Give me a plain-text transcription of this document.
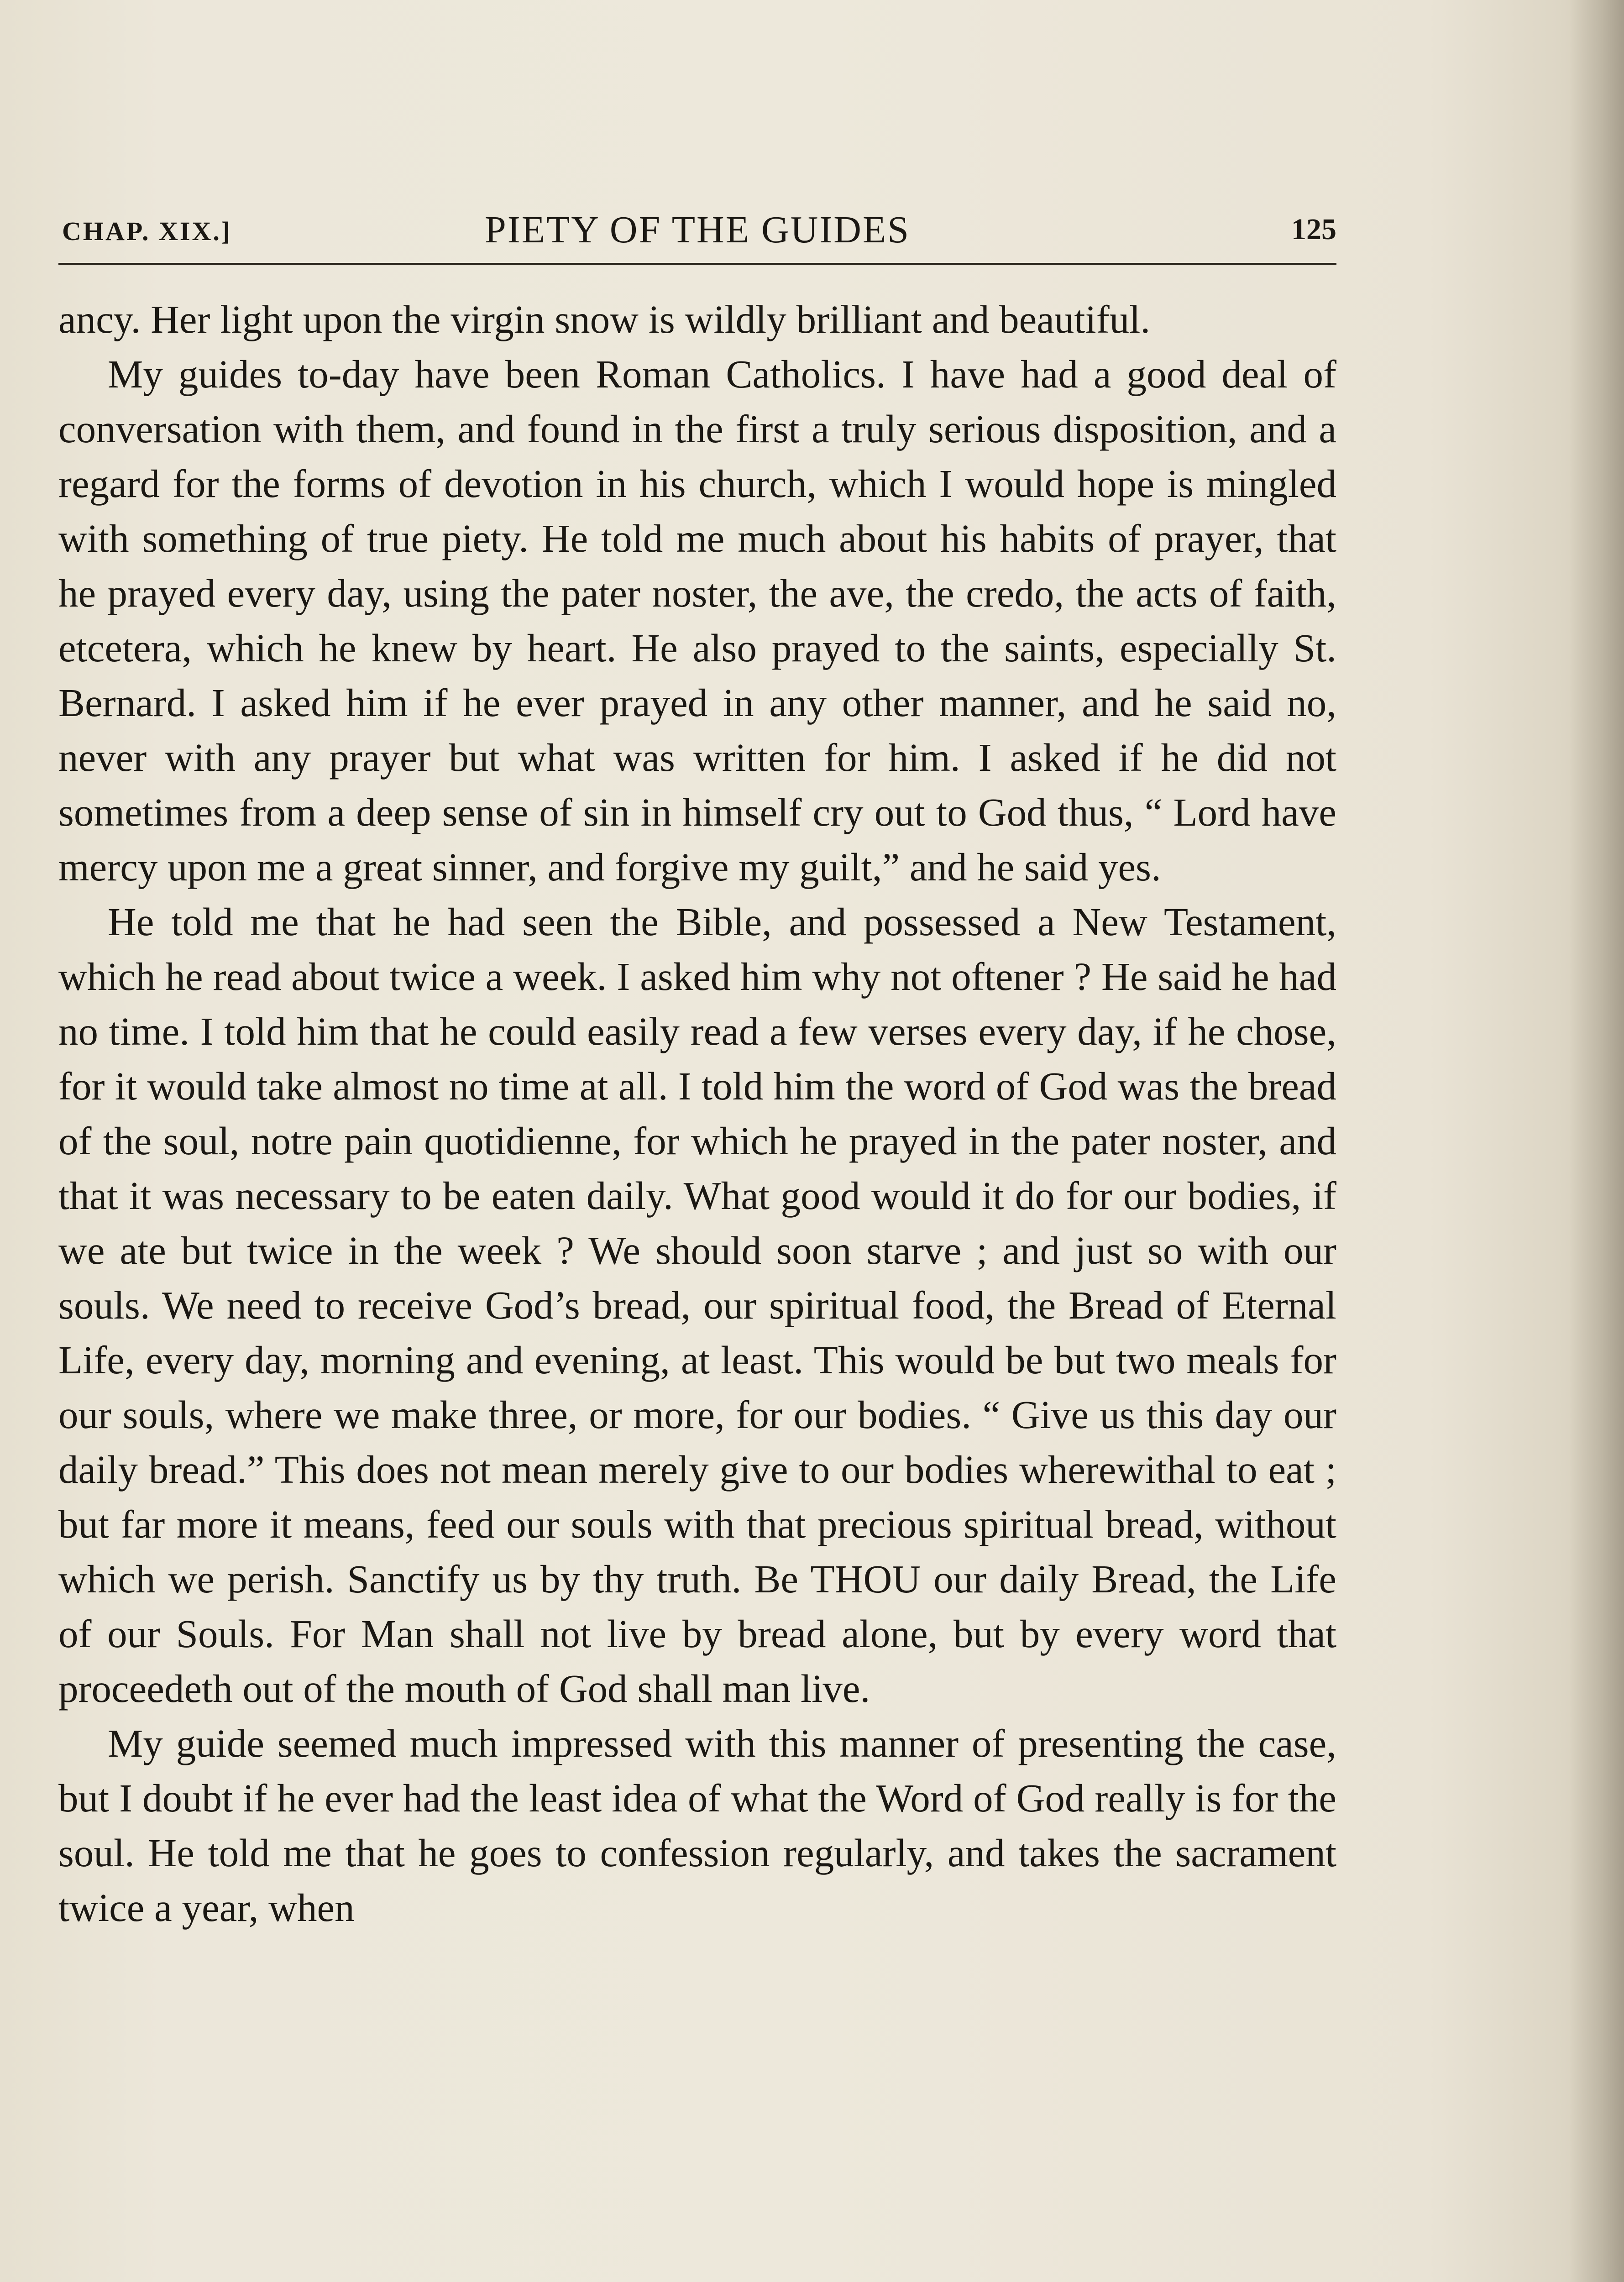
CHAP. XIX.]	PIETY OF THE GUIDES	125

ancy. Her light upon the virgin snow is wildly brilliant and beautiful.

My guides to-day have been Roman Catholics. I have had a good deal of conversation with them, and found in the first a truly serious disposition, and a regard for the forms of devotion in his church, which I would hope is mingled with something of true piety. He told me much about his habits of prayer, that he prayed every day, using the pater noster, the ave, the credo, the acts of faith, etcetera, which he knew by heart. He also prayed to the saints, especially St. Bernard. I asked him if he ever prayed in any other manner, and he said no, never with any prayer but what was written for him. I asked if he did not sometimes from a deep sense of sin in himself cry out to God thus, “ Lord have mercy upon me a great sinner, and forgive my guilt,” and he said yes.

He told me that he had seen the Bible, and possessed a New Testament, which he read about twice a week. I asked him why not oftener ? He said he had no time. I told him that he could easily read a few verses every day, if he chose, for it would take almost no time at all. I told him the word of God was the bread of the soul, notre pain quotidienne, for which he prayed in the pater noster, and that it was necessary to be eaten daily. What good would it do for our bodies, if we ate but twice in the week ? We should soon starve ; and just so with our souls. We need to receive God’s bread, our spiritual food, the Bread of Eternal Life, every day, morning and evening, at least. This would be but two meals for our souls, where we make three, or more, for our bodies. “ Give us this day our daily bread.” This does not mean merely give to our bodies wherewithal to eat ; but far more it means, feed our souls with that precious spiritual bread, without which we perish. Sanctify us by thy truth. Be THOU our daily Bread, the Life of our Souls. For Man shall not live by bread alone, but by every word that proceedeth out of the mouth of God shall man live.

My guide seemed much impressed with this manner of presenting the case, but I doubt if he ever had the least idea of what the Word of God really is for the soul. He told me that he goes to confession regularly, and takes the sacrament twice a year, when
